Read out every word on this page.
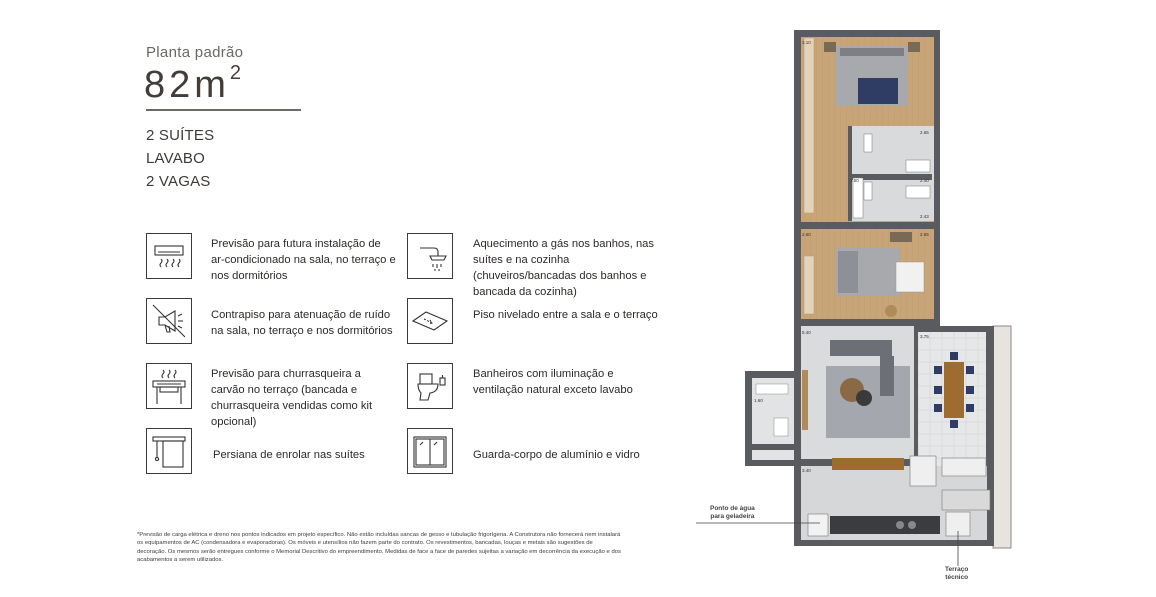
Planta padrão
$82m^2$
2 SUÍTES
LAVABO
2 VAGAS
Previsão para futura instalação de ar-condicionado na sala, no terraço e nos dormitórios
Aquecimento a gás nos banhos, nas suítes e na cozinha (chuveiros/bancadas dos banhos e bancada da cozinha)
Contrapiso para atenuação de ruído na sala, no terraço e nos dormitórios
Piso nivelado entre a sala e o terraço
Previsão para churrasqueira a carvão no terraço (bancada e churrasqueira vendidas como kit opcional)
Banheiros com iluminação e ventilação natural exceto lavabo
Persiana de enrolar nas suítes	Guarda-corpo de alumínio e vidro
*Previsão de carga elétrica e dreno nos pontos indicados em projeto específico. Não estão incluídas sancas de gesso e tubulação frigorígena. A Construtora não fornecerá nem instalará os equipamentos de AC (condensadora e evaporadoras). Os móveis e utensílios não fazem parte do contrato. Os revestimentos, bancadas, louças e metais são sugestões de decoração. Os mesmos serão entregues conforme o Memorial Descritivo do empreendimento. Medidas de face a face de paredes sujeitas a variação em decorrência da execução e dos acabamentos a serem utilizados.
3.10
2.65
1.50	2.40
2.43
2.60	2.65
5.40
3.75
1.60
3.40
Ponto de água
para geladeira
Terraço
técnico
